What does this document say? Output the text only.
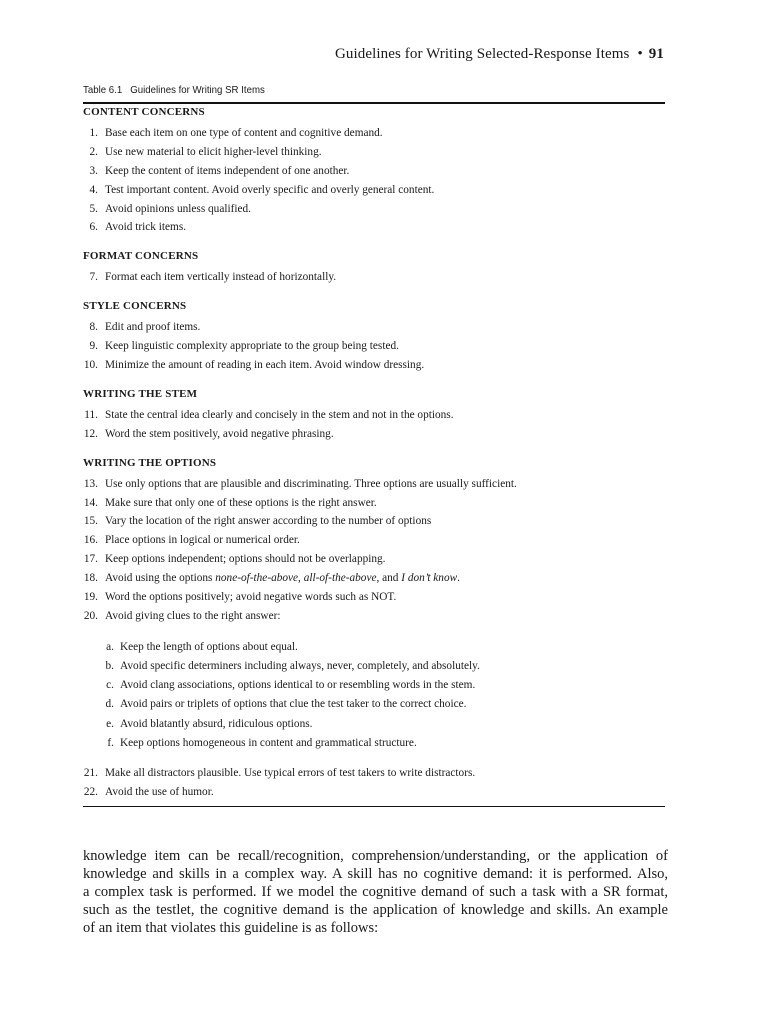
Guidelines for Writing Selected-Response Items • 91
Table 6.1   Guidelines for Writing SR Items
CONTENT CONCERNS
1. Base each item on one type of content and cognitive demand.
2. Use new material to elicit higher-level thinking.
3. Keep the content of items independent of one another.
4. Test important content. Avoid overly specific and overly general content.
5. Avoid opinions unless qualified.
6. Avoid trick items.
FORMAT CONCERNS
7. Format each item vertically instead of horizontally.
STYLE CONCERNS
8. Edit and proof items.
9. Keep linguistic complexity appropriate to the group being tested.
10. Minimize the amount of reading in each item. Avoid window dressing.
WRITING THE STEM
11. State the central idea clearly and concisely in the stem and not in the options.
12. Word the stem positively, avoid negative phrasing.
WRITING THE OPTIONS
13. Use only options that are plausible and discriminating. Three options are usually sufficient.
14. Make sure that only one of these options is the right answer.
15. Vary the location of the right answer according to the number of options
16. Place options in logical or numerical order.
17. Keep options independent; options should not be overlapping.
18. Avoid using the options none-of-the-above, all-of-the-above, and I don’t know.
19. Word the options positively; avoid negative words such as NOT.
20. Avoid giving clues to the right answer:
a. Keep the length of options about equal.
b. Avoid specific determiners including always, never, completely, and absolutely.
c. Avoid clang associations, options identical to or resembling words in the stem.
d. Avoid pairs or triplets of options that clue the test taker to the correct choice.
e. Avoid blatantly absurd, ridiculous options.
f. Keep options homogeneous in content and grammatical structure.
21. Make all distractors plausible. Use typical errors of test takers to write distractors.
22. Avoid the use of humor.
knowledge item can be recall/recognition, comprehension/understanding, or the application of
knowledge and skills in a complex way. A skill has no cognitive demand: it is performed. Also,
a complex task is performed. If we model the cognitive demand of such a task with a SR format,
such as the testlet, the cognitive demand is the application of knowledge and skills. An example
of an item that violates this guideline is as follows:
